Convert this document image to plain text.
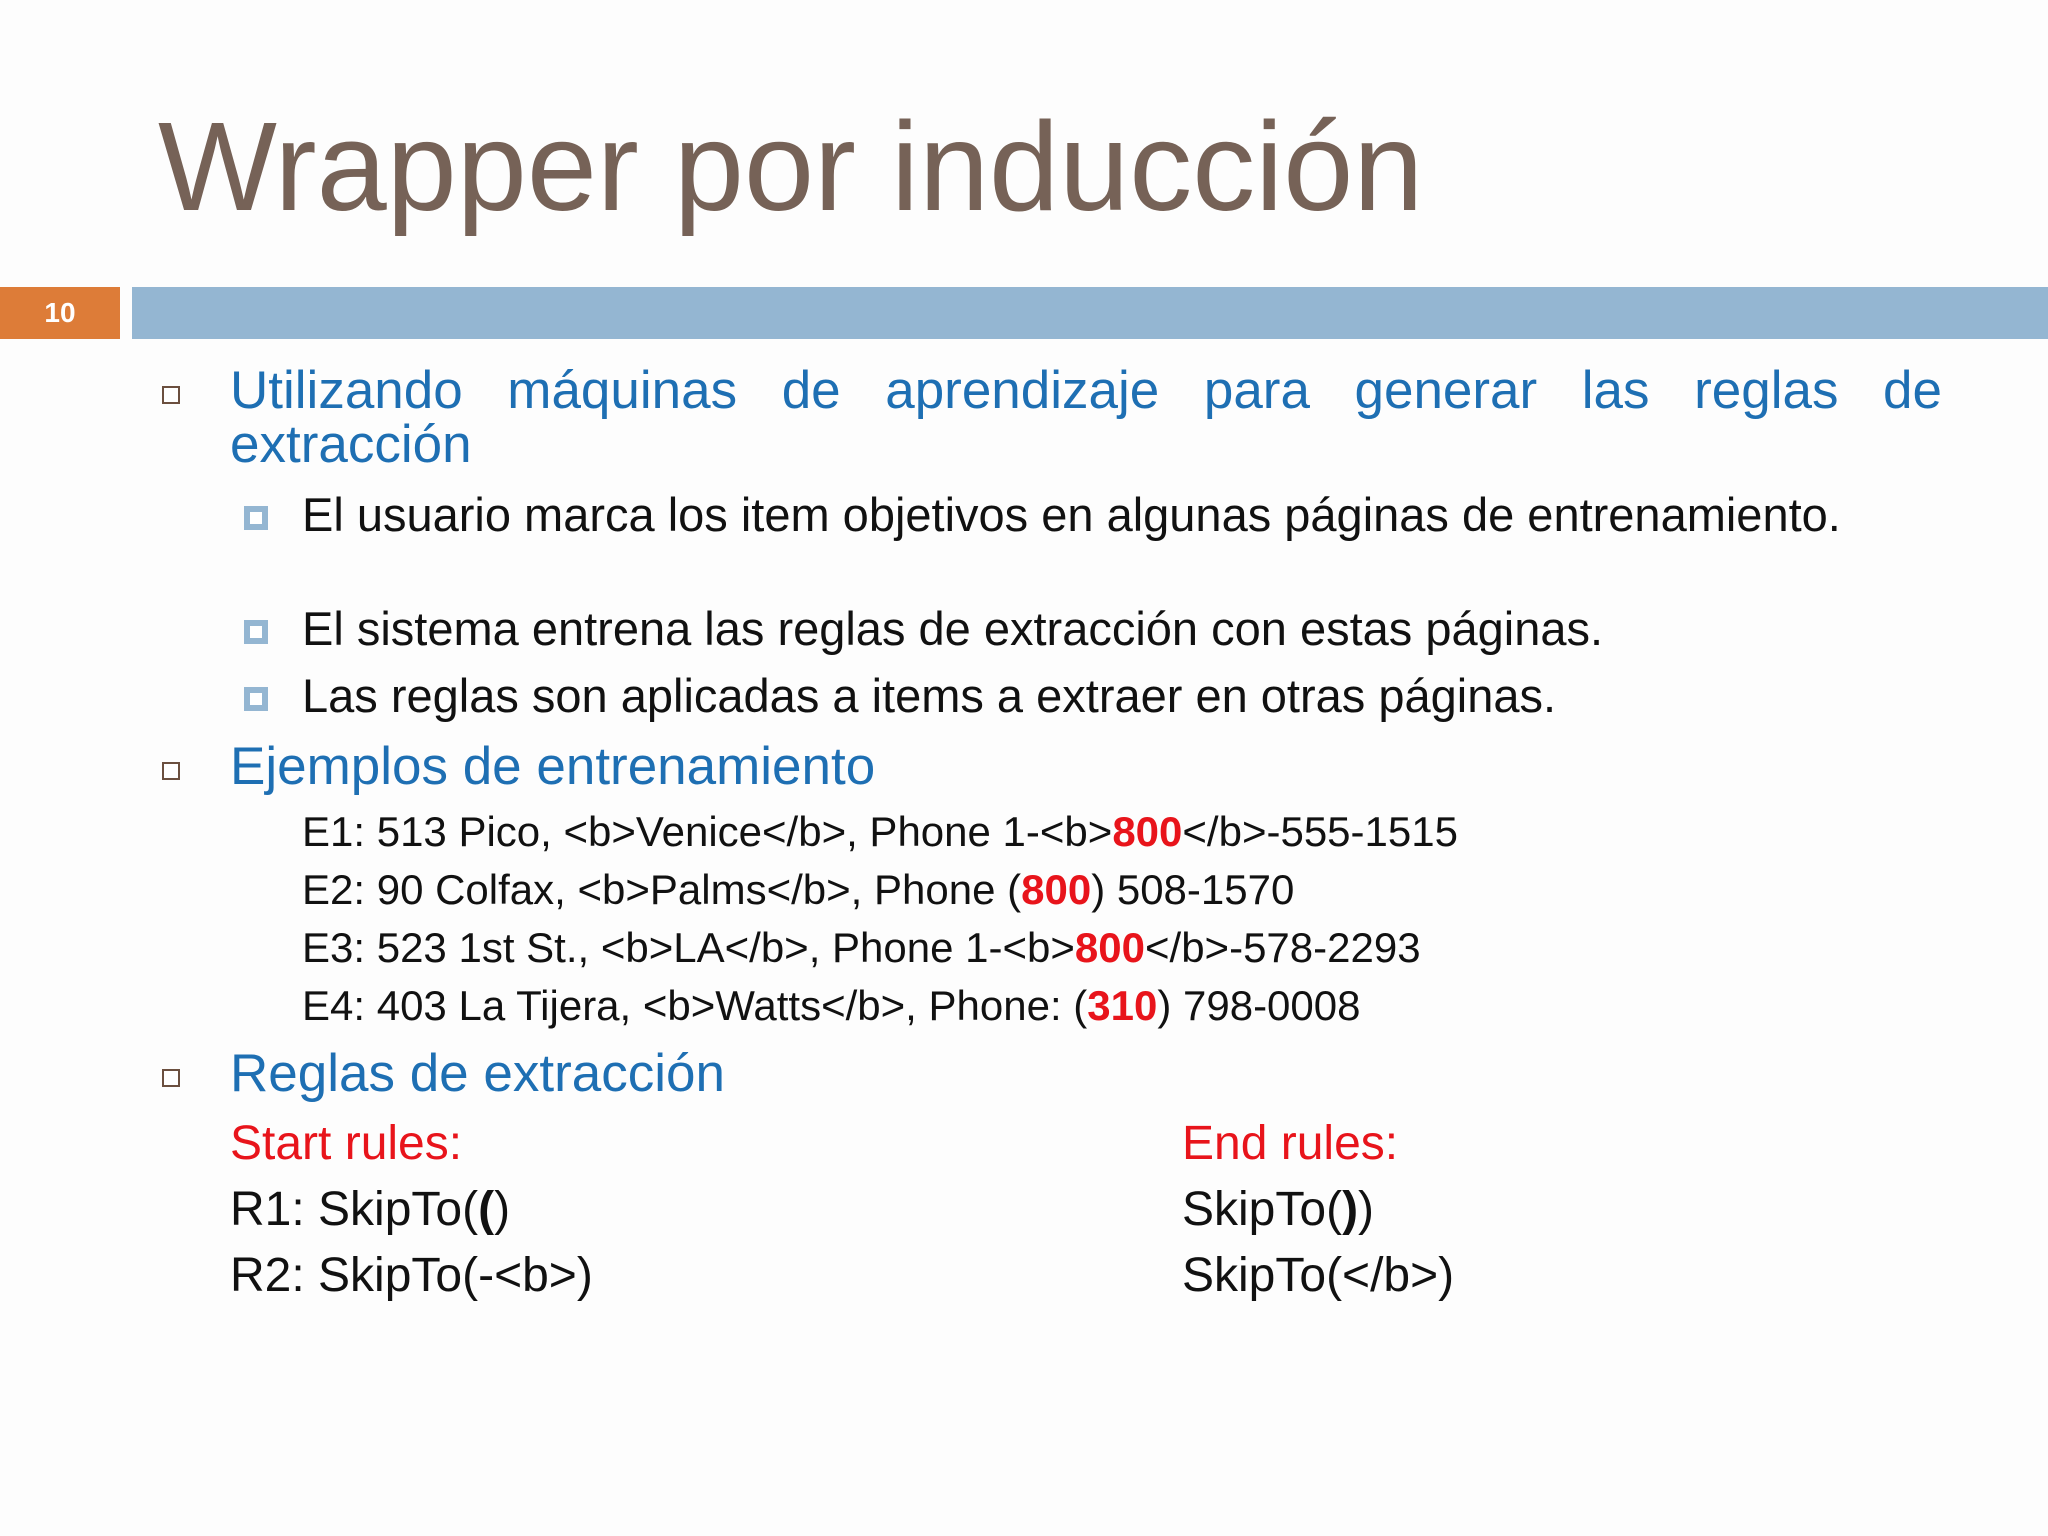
Wrapper por inducción
10
Utilizando máquinas de aprendizaje para generar las reglas de extracción
El usuario marca los item objetivos en algunas páginas de entrenamiento.
El sistema entrena las reglas de extracción con estas páginas.
Las reglas son aplicadas a items a extraer en otras páginas.
Ejemplos de entrenamiento
E1: 513 Pico, <b>Venice</b>, Phone 1-<b>800</b>-555-1515
E2: 90 Colfax, <b>Palms</b>, Phone (800) 508-1570
E3: 523 1st St., <b>LA</b>, Phone 1-<b>800</b>-578-2293
E4: 403 La Tijera, <b>Watts</b>, Phone: (310) 798-0008
Reglas de extracción
Start rules:	End rules:
R1: SkipTo(()
R2: SkipTo(-<b>)
SkipTo())
SkipTo(</b>)
